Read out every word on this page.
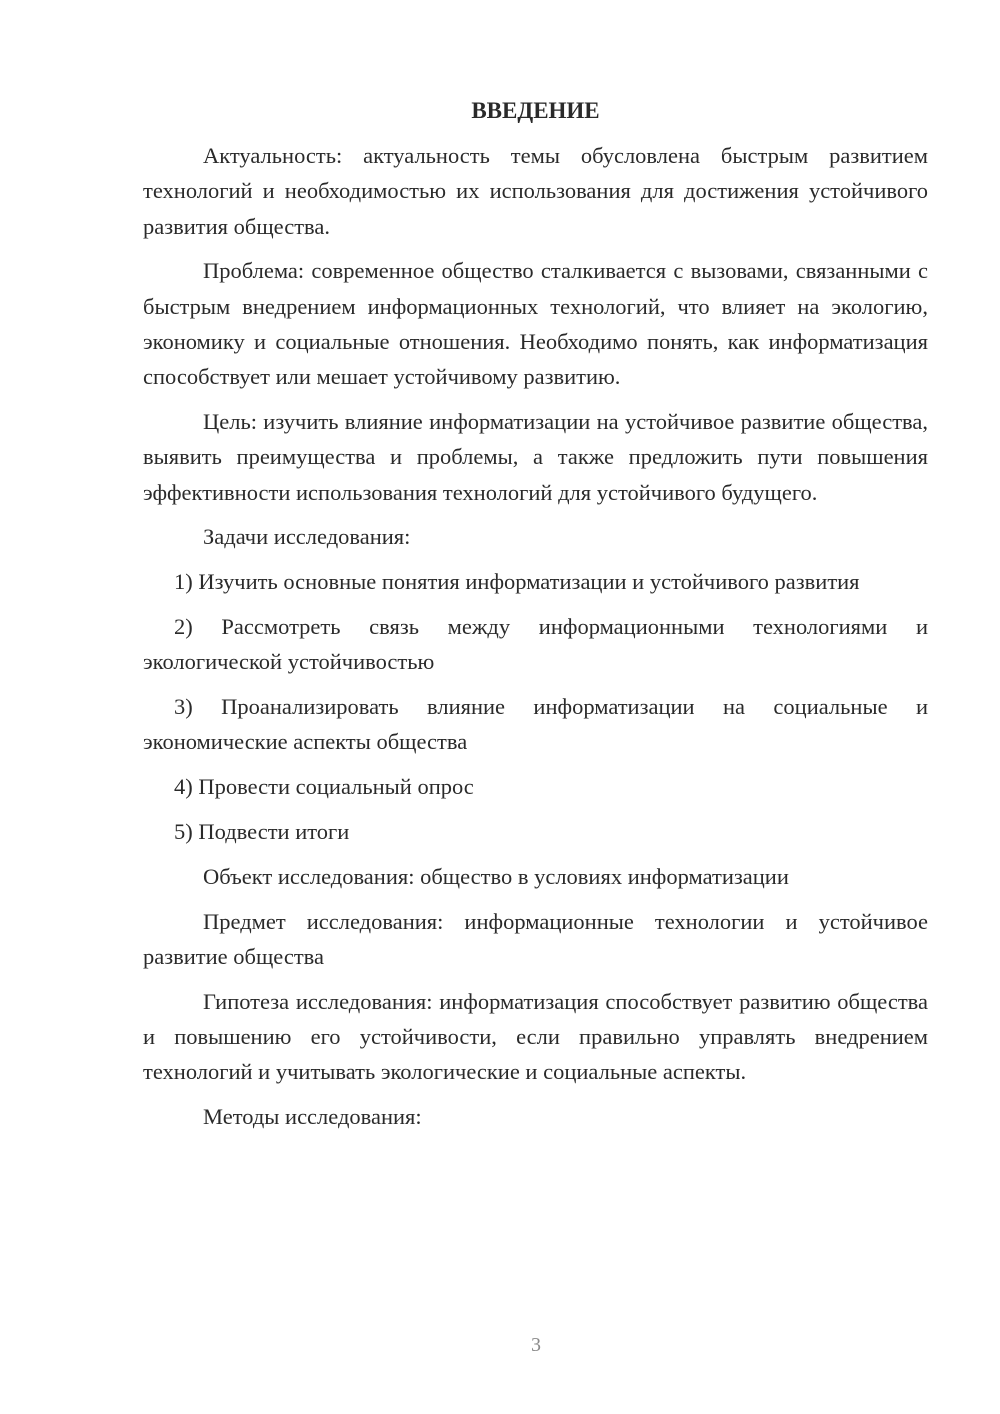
ВВЕДЕНИЕ

Актуальность: актуальность темы обусловлена быстрым развитием технологий и необходимостью их использования для достижения устойчивого развития общества.

Проблема: современное общество сталкивается с вызовами, связанными с быстрым внедрением информационных технологий, что влияет на экологию, экономику и социальные отношения. Необходимо понять, как информатизация способствует или мешает устойчивому развитию.

Цель: изучить влияние информатизации на устойчивое развитие общества, выявить преимущества и проблемы, а также предложить пути повышения эффективности использования технологий для устойчивого будущего.

Задачи исследования:

1) Изучить основные понятия информатизации и устойчивого развития

2) Рассмотреть связь между информационными технологиями и экологической устойчивостью

3) Проанализировать влияние информатизации на социальные и экономические аспекты общества

4) Провести социальный опрос

5) Подвести итоги

Объект исследования: общество в условиях информатизации

Предмет исследования: информационные технологии и устойчивое развитие общества

Гипотеза исследования: информатизация способствует развитию общества и повышению его устойчивости, если правильно управлять внедрением технологий и учитывать экологические и социальные аспекты.

Методы исследования:

3
